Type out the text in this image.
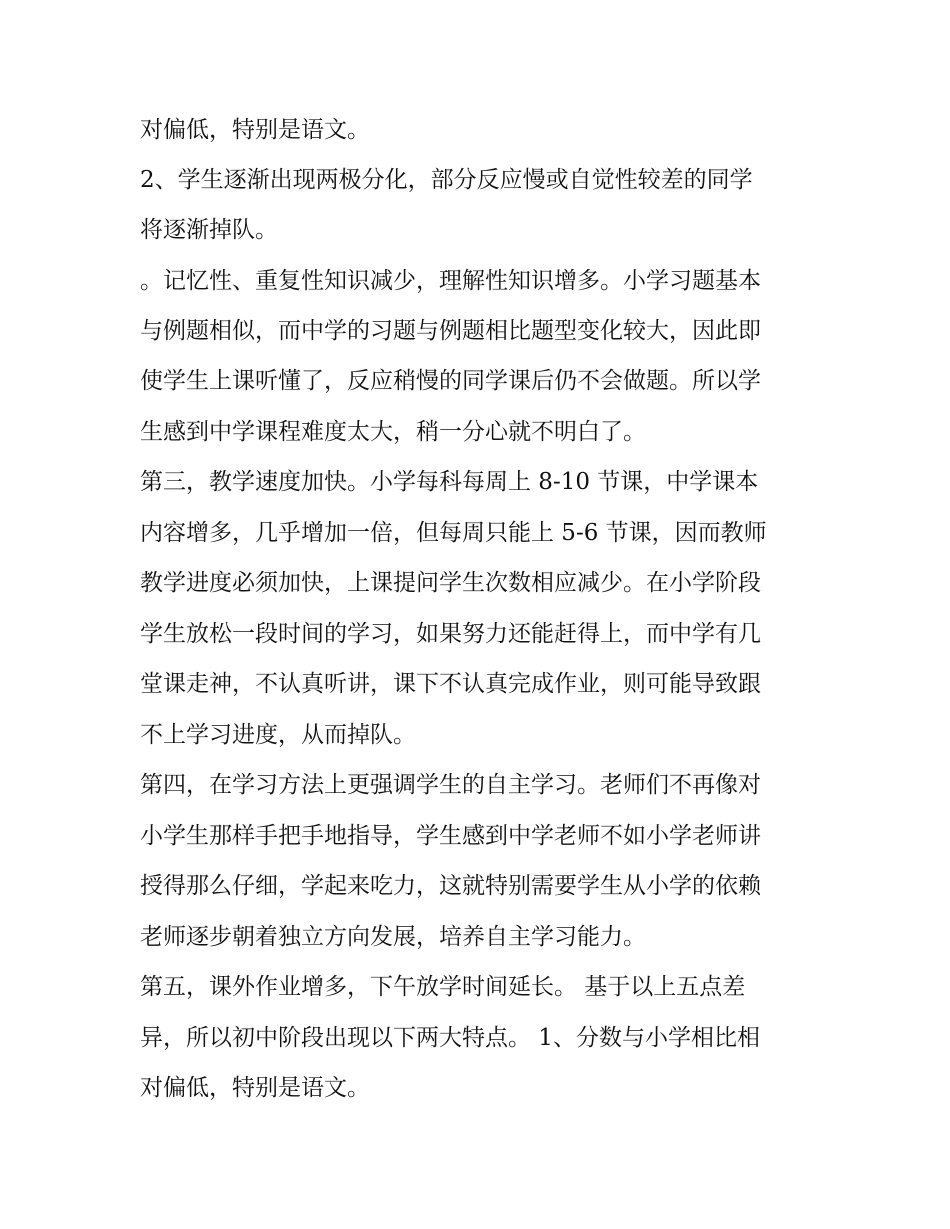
对偏低，特别是语文。
2、学生逐渐出现两极分化，部分反应慢或自觉性较差的同学
将逐渐掉队。
。记忆性、重复性知识减少，理解性知识增多。小学习题基本
与例题相似，而中学的习题与例题相比题型变化较大，因此即
使学生上课听懂了，反应稍慢的同学课后仍不会做题。所以学
生感到中学课程难度太大，稍一分心就不明白了。
第三，教学速度加快。小学每科每周上 8-10 节课，中学课本
内容增多，几乎增加一倍，但每周只能上 5-6 节课，因而教师
教学进度必须加快，上课提问学生次数相应减少。在小学阶段
学生放松一段时间的学习，如果努力还能赶得上，而中学有几
堂课走神，不认真听讲，课下不认真完成作业，则可能导致跟
不上学习进度，从而掉队。
第四，在学习方法上更强调学生的自主学习。老师们不再像对
小学生那样手把手地指导，学生感到中学老师不如小学老师讲
授得那么仔细，学起来吃力，这就特别需要学生从小学的依赖
老师逐步朝着独立方向发展，培养自主学习能力。
第五，课外作业增多，下午放学时间延长。 基于以上五点差
异，所以初中阶段出现以下两大特点。 1、分数与小学相比相
对偏低，特别是语文。
